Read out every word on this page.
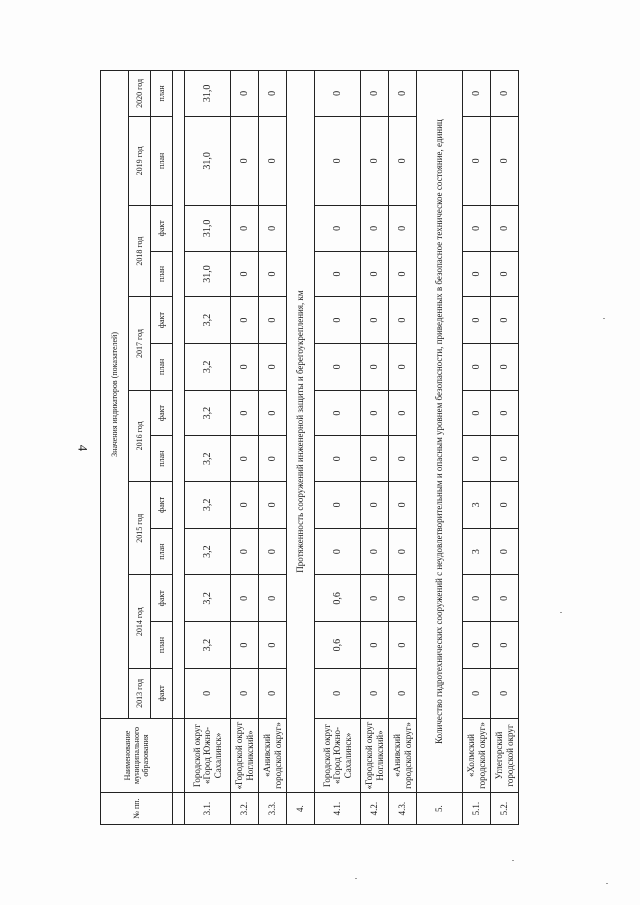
4
№ пп.	Наименование муниципального образования	Значения индикаторов (показателей)												
		2013 год	2014 год		2015 год		2016 год		2017 год		2018 год		2019 год	2020 год
		факт	план	факт	план	факт	план	факт	план	факт	план	факт	план	план

3.1.	Городской округ «Город Южно-Сахалинск»	0	3,2	3,2	3,2	3,2	3,2	3,2	3,2	3,2	31,0	31,0	31,0	31,0
3.2.	«Городской округ Ногликский»	0	0	0	0	0	0	0	0	0	0	0	0	0
3.3.	«Анивский городской округ»	0	0	0	0	0	0	0	0	0	0	0	0	0
4.	Протяженность сооружений инженерной защиты и берегоукрепления, км													
4.1.	Городской округ «Город Южно-Сахалинск»	0	0,6	0,6	0	0	0	0	0	0	0	0	0	0
4.2.	«Городской округ Ногликский»	0	0	0	0	0	0	0	0	0	0	0	0	0
4.3.	«Анивский городской округ»	0	0	0	0	0	0	0	0	0	0	0	0	0
5.	Количество гидротехнических сооружений с неудовлетворительным и опасным уровнем безопасности, приведенных в безопасное техническое состояние, единиц													
5.1.	«Холмский городской округ»	0	0	0	3	3	0	0	0	0	0	0	0	0
5.2.	Углегорский городской округ	0	0	0	0	0	0	0	0	0	0	0	0	0
